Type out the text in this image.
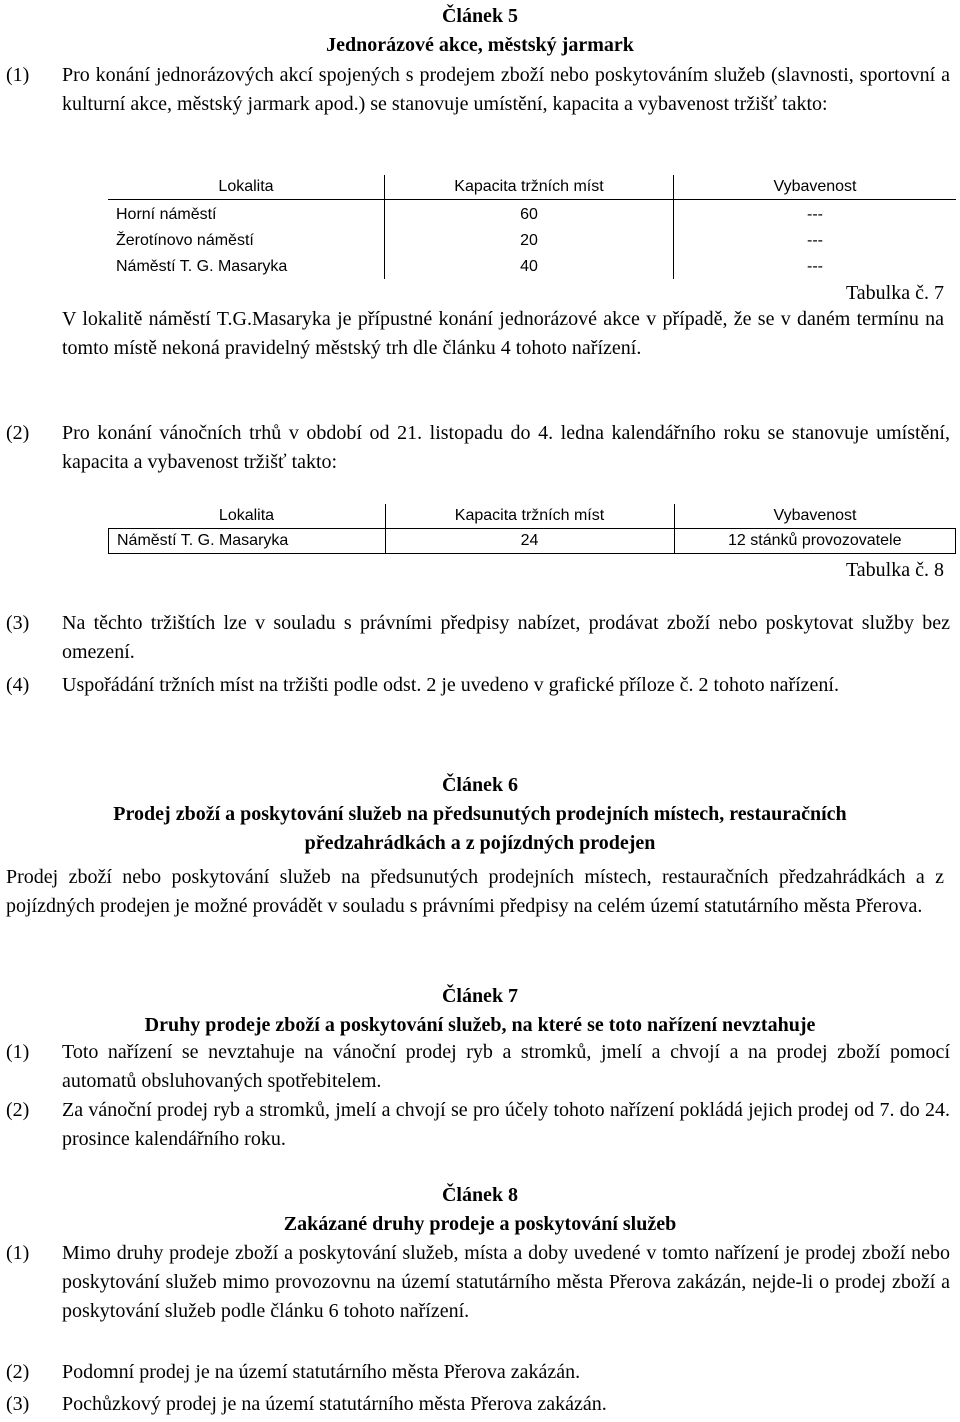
Článek 5
Jednorázové akce, městský jarmark
(1)	Pro konání jednorázových akcí spojených s prodejem zboží nebo poskytováním služeb (slavnosti, sportovní a kulturní akce, městský jarmark apod.) se stanovuje umístění, kapacita a vybavenost tržišť takto:
Lokalita	Kapacita tržních míst	Vybavenost
Horní náměstí	60	---
Žerotínovo náměstí	20	---
Náměstí T. G. Masaryka	40	---
Tabulka č. 7
V lokalitě náměstí T.G.Masaryka je přípustné konání jednorázové akce v případě, že se v daném termínu na tomto místě nekoná pravidelný městský trh dle článku 4 tohoto nařízení.
(2)	Pro konání vánočních trhů v období od 21. listopadu do 4. ledna kalendářního roku se stanovuje umístění, kapacita a vybavenost tržišť takto:
Lokalita	Kapacita tržních míst	Vybavenost
Náměstí T. G. Masaryka	24	12 stánků provozovatele
Tabulka č. 8
(3)	Na těchto tržištích lze v souladu s právními předpisy nabízet, prodávat zboží nebo poskytovat služby bez omezení.
(4)	Uspořádání tržních míst na tržišti podle odst. 2 je uvedeno v grafické příloze č. 2 tohoto nařízení.
Článek 6
Prodej zboží a poskytování služeb na předsunutých prodejních místech, restauračních
předzahrádkách a z pojízdných prodejen
Prodej zboží nebo poskytování služeb na předsunutých prodejních místech, restauračních předzahrádkách a z pojízdných prodejen je možné provádět v souladu s právními předpisy na celém území statutárního města Přerova.
Článek 7
Druhy prodeje zboží a poskytování služeb, na které se toto nařízení nevztahuje
(1)	Toto nařízení se nevztahuje na vánoční prodej ryb a stromků, jmelí a chvojí a na prodej zboží pomocí automatů obsluhovaných spotřebitelem.
(2)	Za vánoční prodej ryb a stromků, jmelí a chvojí se pro účely tohoto nařízení pokládá jejich prodej od 7. do 24. prosince kalendářního roku.
Článek 8
Zakázané druhy prodeje a poskytování služeb
(1)	Mimo druhy prodeje zboží a poskytování služeb, místa a doby uvedené v tomto nařízení je prodej zboží nebo poskytování služeb mimo provozovnu na území statutárního města Přerova zakázán, nejde-li o prodej zboží a poskytování služeb podle článku 6 tohoto nařízení.
(2)	Podomní prodej je na území statutárního města Přerova zakázán.
(3)	Pochůzkový prodej je na území statutárního města Přerova zakázán.
